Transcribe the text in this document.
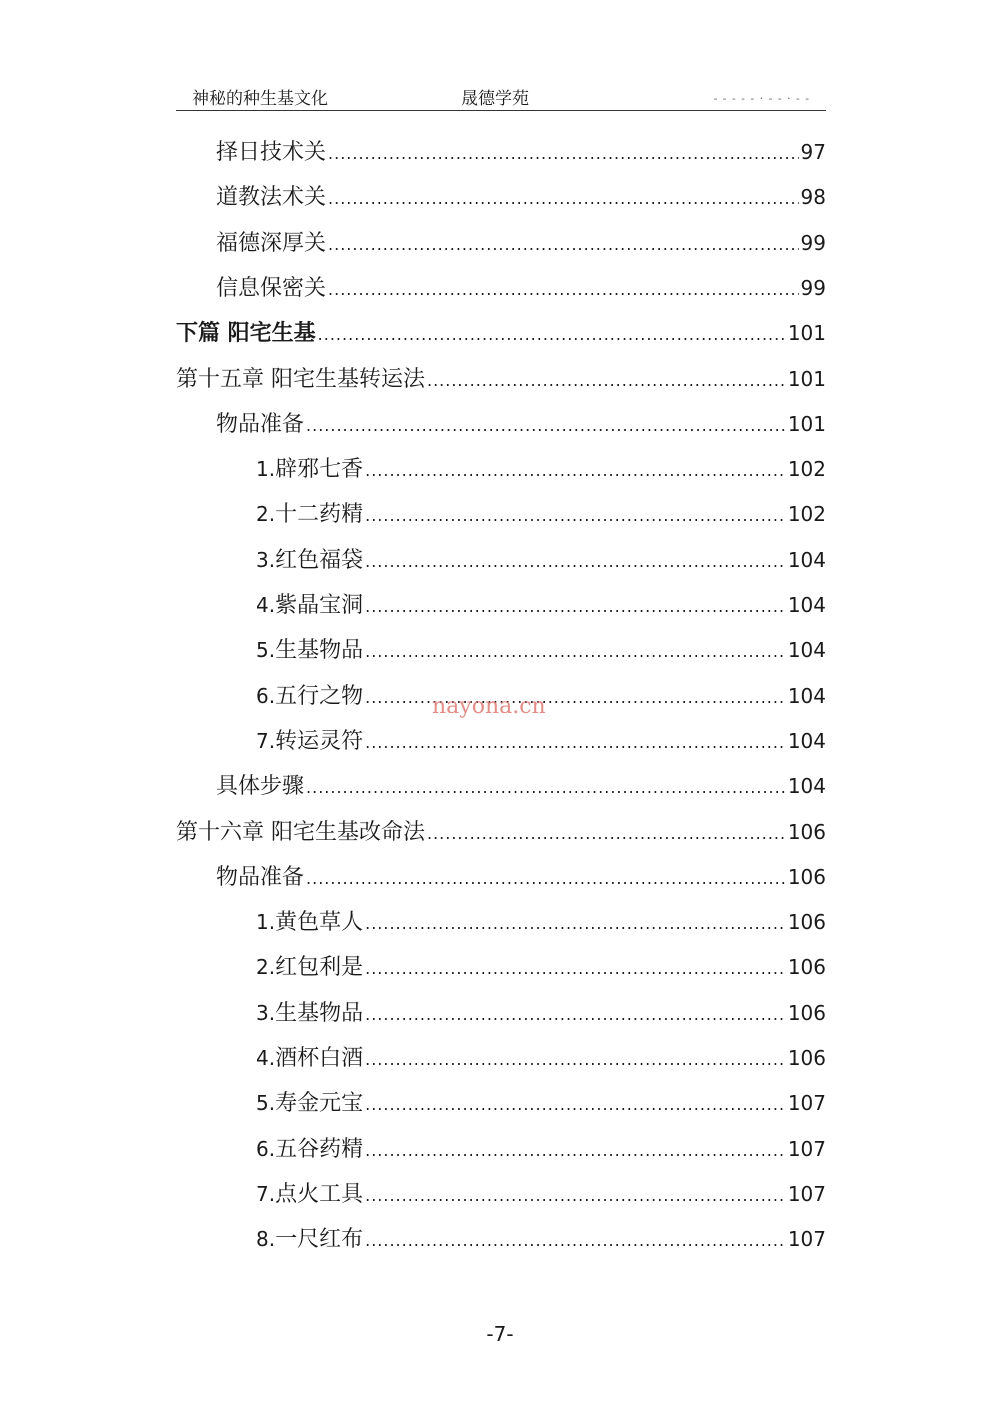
神秘的种生基文化	晟德学苑	- - - - - · - - · - -
择日技术关 .....	97
道教法术关 .....	98
福德深厚关 .....	99
信息保密关 .....	99
下篇 阳宅生基 .....	101
第十五章 阳宅生基转运法 .....	101
物品准备 .....	101
1.辟邪七香 .....	102
2.十二药精 .....	102
3.红色福袋 .....	104
4.紫晶宝洞 .....	104
5.生基物品 .....	104
6.五行之物 .....	104
7.转运灵符 .....	104
具体步骤 .....	104
第十六章 阳宅生基改命法 .....	106
物品准备 .....	106
1.黄色草人 .....	106
2.红包利是 .....	106
3.生基物品 .....	106
4.酒杯白酒 .....	106
5.寿金元宝 .....	107
6.五谷药精 .....	107
7.点火工具 .....	107
8.一尺红布 .....	107
nayona.cn
-7-
